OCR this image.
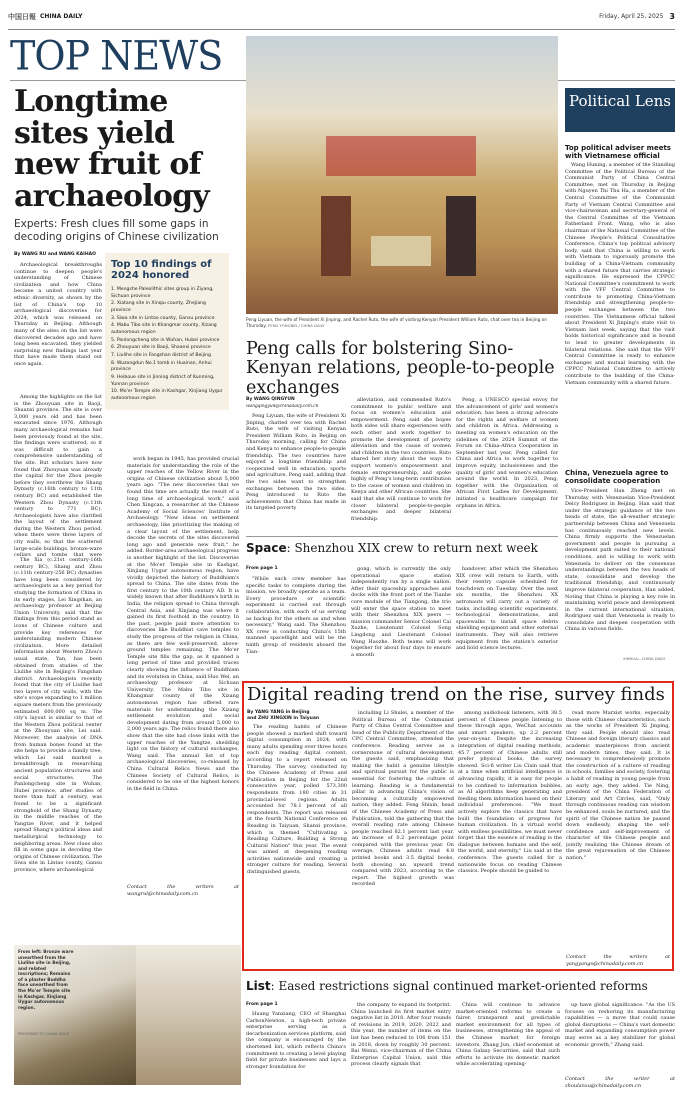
中国日報 CHINA DAILY	Friday, April 25, 2025 3
TOP NEWS
Longtime sites yield new fruit of archaeology
Experts: Fresh clues fill some gaps in decoding origins of Chinese civilization
By WANG RU and WANG KAIHAO

Archaeological breakthroughs continue to deepen people's understanding of Chinese civilization and how China became a united country with ethnic diversity, as shown by the list of China's top 10 archaeological discoveries for 2024, which was released on Thursday in Beijing. Although many of the sites on the list were discovered decades ago and have long been excavated, they yielded surprising new findings last year that have made them stand out once again.

Among the highlights on the list is the Zhouyuan site in Baoji, Shaanxi province. The site is over 3,000 years old and has been excavated since 1976. Although many archaeological remains had been previously found at the site, the findings were scattered, so it was difficult to gain a comprehensive understanding of the site. But scholars have now found that Zhouyuan was already the capital for the Zhou people before they overthrew the Shang Dynasty (c.16th century to 11th century BC) and established the Western Zhou Dynasty (c.11th century to 771 BC). Archaeologists have also clarified the layout of the settlement during the Western Zhou period, when there were three layers of city walls, so that the scattered large-scale buildings, bronze-ware cellars and tombs that were

The Xia (c.21st century-16th century BC), Shang and Zhou (c.11th century-256 BC) dynasties have long been considered by archaeologists as a key period for studying the formation of China in its early stages. Lei Xingshan, an archaeology professor at Beijing Union University, said that the findings from this period stand as icons of Chinese culture and provide key references for understanding modern Chinese civilization. More detailed information about Western Zhou's usual state, Yan, has been obtained from studies of the Liulihe site in Beijing's Fangshan district. Archaeologists recently found that the city of Liulihe had two layers of city walls, with the site's scope expanding to 1 million square meters from the previously estimated 600,000 sq m. The city's layout is similar to that of the Western Zhou political center at the Zhouyuan site, Lei said. Moreover, the analysis of DNA from human bones found at the site helps to provide a family tree, which Lei said marked a breakthrough in researching ancient population structures and social structures. The Panlongcheng site in Wuhan, Hubei province, after studies of more than half a century, was found to be a significant stronghold of the Shang Dynasty in the middle reaches of the Yangtze River, and it helped spread Shang's political ideas and metallurgical technology to neighboring areas. New clues also fill in some gaps in decoding the origins of Chinese civilization. The Siwa site in Lintao county, Gansu province, where archaeological

Top 10 findings of 2024 honored
1. Mengshe Paleolithic sites group in Ziyang, Sichuan province
2. Xiatang site in Xinqiu county, Zhejiang province
3. Siwa site in Lintao county, Gansu province
4. Mabu Tibo site in Khangmar county, Xizang autonomous region
5. Panlongcheng site in Wuhan, Hubei province
6. Zhouyuan site in Baoji, Shaanxi province
7. Liulihe site in Fangshan district of Beijing
8. Wuzongdun No.1 tomb in Huainan, Anhui province
9. Heiboue site in Jinning district of Kunming, Yunnan province
10. Mo'er Temple site in Kashgar, Xinjiang Uygur autonomous region

work began in 1945, has provided crucial materials for understanding the role of the upper reaches of the Yellow River in the origins of Chinese civilization about 5,000 years ago. "The new discoveries that we found this time are actually the result of a long time of archaeological work," said Chen Xingcan, a researcher at the Chinese Academy of Social Sciences' Institute of Archaeology. "New ideas on settlement archaeology, like prioritizing the making of a clear layout of the settlement, help decode the secrets of the sites discovered long ago and generate new fruit," he added. Border-area archaeological progress is another highlight of the list. Discoveries at the Mo'er Temple site in Kashgar, Xinjiang Uygur autonomous region, have vividly depicted the history of Buddhism's spread to China. The site dates from the first century to the 10th century AD. It is widely known that after Buddhism's birth in India, the religion spread to China through Central Asia, and Xinjiang was where it gained its first foothold in the country. In the past, people paid more attention to discoveries like Buddhist cave temples to study the progress of the religion in China, as there are few well-preserved, above-ground temples remaining. The Mo'er Temple site fills the gap, as it spanned a long period of time and provided traces clearly showing the influence of Buddhism and its evolution in China, said Huo Wei, an archaeology professor at Sichuan University. The Mabu Tibo site in Khangmar county of the Xizang autonomous region has offered rare materials for understanding the Xizang settlement evolution and social development dating from around 5,000 to 2,000 years ago. The relics found there also show that the site had close links with the upper reaches of the Yangtze, shedding light on the history of cultural exchanges, Wang said. The annual list of top archaeological discoveries, co-released by China Cultural Relics News and the Chinese Society of Cultural Relics, is considered to be one of the highest honors in the field in China.

Contact the writers at wangrul@chinadaily.com.cn
From left: Bronze ware unearthed from the Liulihe site in Beijing, and related inscriptions; Remains of a plaster Buddha face unearthed from the Mo'er Temple site in Kashgar, Xinjiang Uygur autonomous region.
PROVIDED TO CHINA DAILY
Peng Liyuan, the wife of President Xi Jinping, and Rachel Ruto, the wife of visiting Kenyan President William Ruto, chat over tea in Beijing on Thursday. FENG YONGBIN / CHINA DAILY
Peng calls for bolstering Sino-Kenyan relations, people-to-people exchanges
By WANG QINGYUN
wangqingyun@chinadaily.com.cn

Peng Liyuan, the wife of President Xi Jinping, chatted over tea with Rachel Ruto, the wife of visiting Kenyan President William Ruto, in Beijing on Thursday morning, calling for China and Kenya to enhance people-to-people friendship. The two countries have enjoyed a longtime friendship and cooperated well in education, sports and agriculture, Peng said, adding that the two sides want to strengthen exchanges between the two sides. Peng introduced to Ruto the achievements that China has made in its targeted poverty

alleviation, and commended Ruto's commitment to public welfare and focus on women's education and empowerment. Peng said she hopes both sides will share experiences with each other and work together to promote the development of poverty alleviation and the cause of women and children in the two countries. Ruto shared her story about the ways to support women's empowerment and female entrepreneurship, and spoke highly of Peng's long-term contribution to the cause of women and children in Kenya and other African countries. She said that she will continue to work for closer bilateral people-to-people exchanges and deeper bilateral friendship.

Peng, a UNESCO special envoy for the advancement of girls' and women's education, has been a strong advocate for the rights and welfare of women and children in Africa. Addressing a meeting on women's education on the sidelines of the 2024 Summit of the Forum on China-Africa Cooperation in September last year, Peng called for China and Africa to work together to improve equity, inclusiveness and the quality of girls' and women's education around the world. In 2023, Peng, together with the Organization of African First Ladies for Development, initiated a healthcare campaign for orphans in Africa.

Space: Shenzhou XIX crew to return next week
From page 1

"While each crew member has specific tasks to complete during the mission, we broadly operate as a team. Every procedure or scientific experiment is carried out through collaboration, with each of us serving as backup for the others as and when necessary," Wang said. The Shenzhou XX crew is conducting China's 15th manned spaceflight and will be the ninth group of residents aboard the Tian-

gong, which is currently the only operational space station independently run by a single nation. After their spaceship approaches and docks with the front port of the Tianhe core module of the Tiangong, the trio will enter the space station to meet with their Shenzhou XIX peers — mission commander Senior Colonel Cai Xuzhe, Lieutenant Colonel Song Lingdong and Lieutenant Colonel Wang Haozhe. Both teams will work together for about four days to ensure a smooth

handover, after which the Shenzhou XIX crew will return to Earth, with their reentry capsule scheduled for touchdown on Tuesday. Over the next six months, the Shenzhou XX astronauts will carry out a variety of tasks, including scientific experiments, technological demonstrations, and spacewalks to install space debris shielding equipment and other external instruments. They will also retrieve equipment from the station's exterior and hold science lectures.

Political Lens
Top political adviser meets with Vietnamese official

Wang Huning, a member of the Standing Committee of the Political Bureau of the Communist Party of China Central Committee, met on Thursday in Beijing with Nguyen Thi Thu Ha, a member of the Central Committee of the Communist Party of Vietnam Central Committee and vice-chairwoman and secretary-general of the Central Committee of the Vietnam Fatherland Front. Wang, who is also chairman of the National Committee of the Chinese People's Political Consultative Conference, China's top political advisory body, said that China is willing to work with Vietnam to vigorously promote the building of a China-Vietnam community with a shared future that carries strategic significance. He expressed the CPPCC National Committee's commitment to work with the VFF Central Committee to contribute to promoting China-Vietnam friendship and strengthening people-to-people exchanges between the two countries. The Vietnamese official talked about President Xi Jinping's state visit to Vietnam last week, saying that the visit holds historical significance and is bound to lead to greater developments in bilateral relations. She said that the VFF Central Committee is ready to enhance exchanges and mutual learning with the CPPCC National Committee to actively contribute to the building of the China-Vietnam community with a shared future.

China, Venezuela agree to consolidate cooperation

Vice-President Han Zheng met on Thursday with Venezuelan Vice-President Delcy Rodriguez in Beijing. Han said that under the strategic guidance of the two heads of state, the all-weather strategic partnership between China and Venezuela has continuously reached new levels. China firmly supports the Venezuelan government and people in pursuing a development path suited to their national conditions, and is willing to work with Venezuela to deliver on the consensus understandings between the two heads of state, consolidate and develop the traditional friendship, and continuously improve bilateral cooperation, Han added. Noting that China is playing a key role in maintaining world peace and development in the current international situation, Rodriguez said that Venezuela is ready to consolidate and deepen cooperation with China in various fields.

XINHUA—CHINA DAILY
Digital reading trend on the rise, survey finds
By YANG YANG in Beijing
and ZHU XINGXIN in Taiyuan

The reading habits of Chinese people showed a marked shift toward digital consumption in 2024, with many adults spending over three hours each day reading digital content, according to a report released on Thursday. The survey, conducted by the Chinese Academy of Press and Publication in Beijing for the 22nd consecutive year, polled 573,300 respondents from 180 cities in 31 provincial-level regions. Adults accounted for 78.1 percent of all respondents. The report was released at the fourth National Conference on Reading in Taiyuan, Shanxi province, which is themed "Cultivating a Reading Culture, Building a Strong Cultural Nation" this year. The event was aimed at deepening reading activities nationwide and creating a stronger culture for reading. Several distinguished guests,

including Li Shulei, a member of the Political Bureau of the Communist Party of China Central Committee and head of the Publicity Department of the CPC Central Committee, attended the conference. Reading serves as a cornerstone of cultural development, the guests said, emphasizing that making the habit a genuine lifestyle and spiritual pursuit for the public is essential for fostering the culture of learning. Reading is a fundamental pillar in advancing China's vision of becoming a culturally empowered nation, they added. Feng Shixin, head of the Chinese Academy of Press and Publication, told the gathering that the overall reading rate among Chinese people reached 82.1 percent last year, an increase of 0.2 percentage point compared with the previous year. On average, Chinese adults read 4.8 printed books and 3.5 digital books, both showing an upward trend compared with 2023, according to the report. The highest growth was recorded

among audiobook listeners, with 38.5 percent of Chinese people listening to these through apps, WeChat accounts and smart speakers, up 2.2 percent year-on-year. Despite the increasing integration of digital reading methods, 45.7 percent of Chinese adults still prefer physical books, the survey showed. Sci-fi writer Liu Cixin said that at a time when artificial intelligence is advancing rapidly, it is easy for people to be confined to information bubbles, as AI algorithms keep generating and feeding them information based on their individual preferences. "We must actively explore the classics that have built the foundation of progress for human civilization. In a virtual world with endless possibilities, we must never forget that the essence of reading is the dialogue between humans and the self, the world, and eternity," Liu said at the conference. The guests called for a nationwide focus on reading Chinese classics. People should be guided to

read more Marxist works, especially those with Chinese characteristics, such as the works of President Xi Jinping, they said. People should also read Chinese and foreign literary classics and academic masterpieces from ancient and modern times, they said. It is necessary to comprehensively promote the construction of a culture of reading in schools, families and society, fostering a habit of reading in young people from an early age, they added. Tie Ning, president of the China Federation of Literary and Art Circles, said, "Only through continuous reading can wisdom be enhanced, souls be nurtured, and the spirit of the Chinese nation be passed down endlessly, shaping the self-confidence and self-improvement of character of the Chinese people and jointly realizing the Chinese dream of the great rejuvenation of the Chinese nation."

Contact the writers at yangyangs@chinadaily.com.cn
List: Eased restrictions signal continued market-oriented reforms
From page 1

Huang Yanxiang, CEO of Shanghai CarbonNewton, a high-tech private enterprise serving as a decarbonization services platform, said the company is encouraged by the shortened list, which reflects China's commitment to creating a level playing field for private businesses and lays a stronger foundation for

the company to expand its footprint. China launched its first market entry negative list in 2018. After four rounds of revisions in 2019, 2020, 2022 and this year, the number of items on the list has been reduced to 106 from 151 in 2018, down by roughly 30 percent. Bai Wenxi, vice-chairman of the China Enterprise Capital Union, said this process clearly signals that

China will continue to advance market-oriented reforms to create a fairer, transparent and predictable market environment for all types of businesses, strengthening the appeal of the Chinese market for foreign investors. Zhang Jun, chief economist at China Galaxy Securities, said that such efforts to activate its domestic market while accelerating opening-

up have global significance. "As the US focuses on reshoring its manufacturing capabilities — a move that could cause global disruptions — China's vast domestic market and expanding consumption power may serve as a key stabilizer for global economic growth," Zhang said.

Contact the writer at zhoulanxu@chinadaily.com.cn
